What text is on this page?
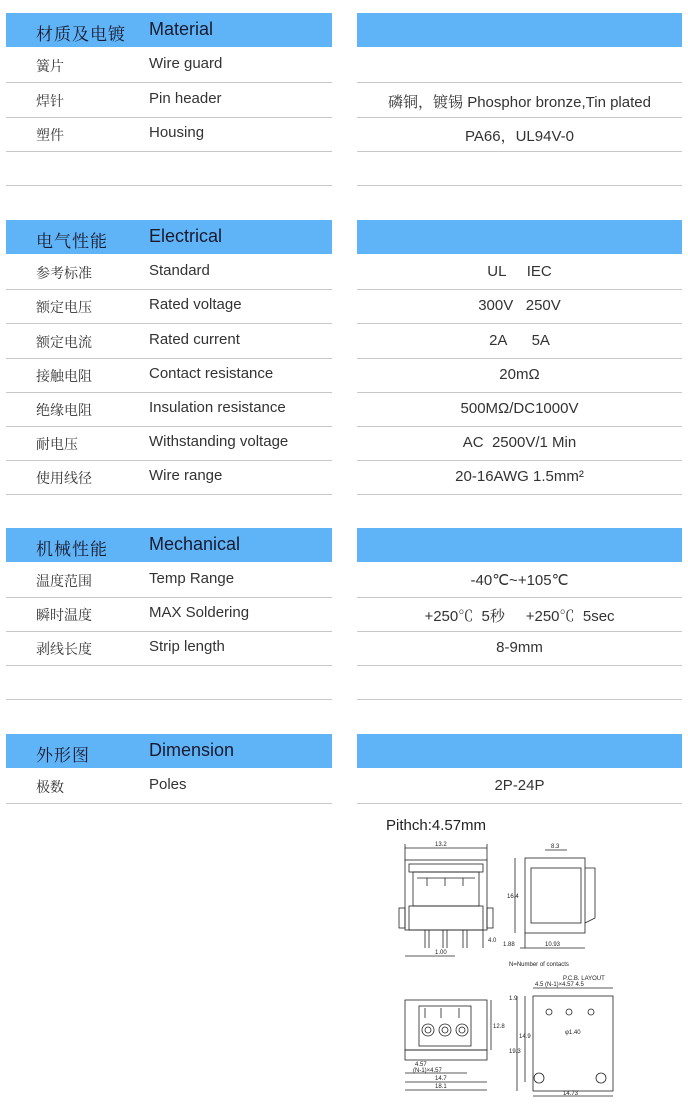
材质及电镀 Material
簧片	Wire guard
焊针	Pin header	磷铜，镀锡 Phosphor bronze,Tin plated
塑件	Housing	PA66，UL94V-0
电气性能 Electrical
参考标准	Standard	UL     IEC
额定电压	Rated voltage	300V   250V
额定电流	Rated current	2A      5A
接触电阻	Contact resistance	20mΩ
绝缘电阻	Insulation resistance	500MΩ/DC1000V
耐电压	Withstanding voltage	AC  2500V/1 Min
使用线径	Wire range	20-16AWG 1.5mm²
机械性能 Mechanical
温度范围	Temp Range	-40℃~+105℃
瞬时温度	MAX Soldering	+250℃  5秒     +250℃  5sec
剥线长度	Strip length	8-9mm
外形图	Dimension
极数	Poles	2P-24P
Pithch:4.57mm
13.2	8.3
16.4
4.0
1.00
1.88	10.93
N=Number of contacts
P.C.B. LAYOUT
4.5 (N-1)×4.57 4.5
1.9
12.8
4.57
(N-1)×4.57
14.7
18.1
14.9
19.3
φ1.40
14.73
